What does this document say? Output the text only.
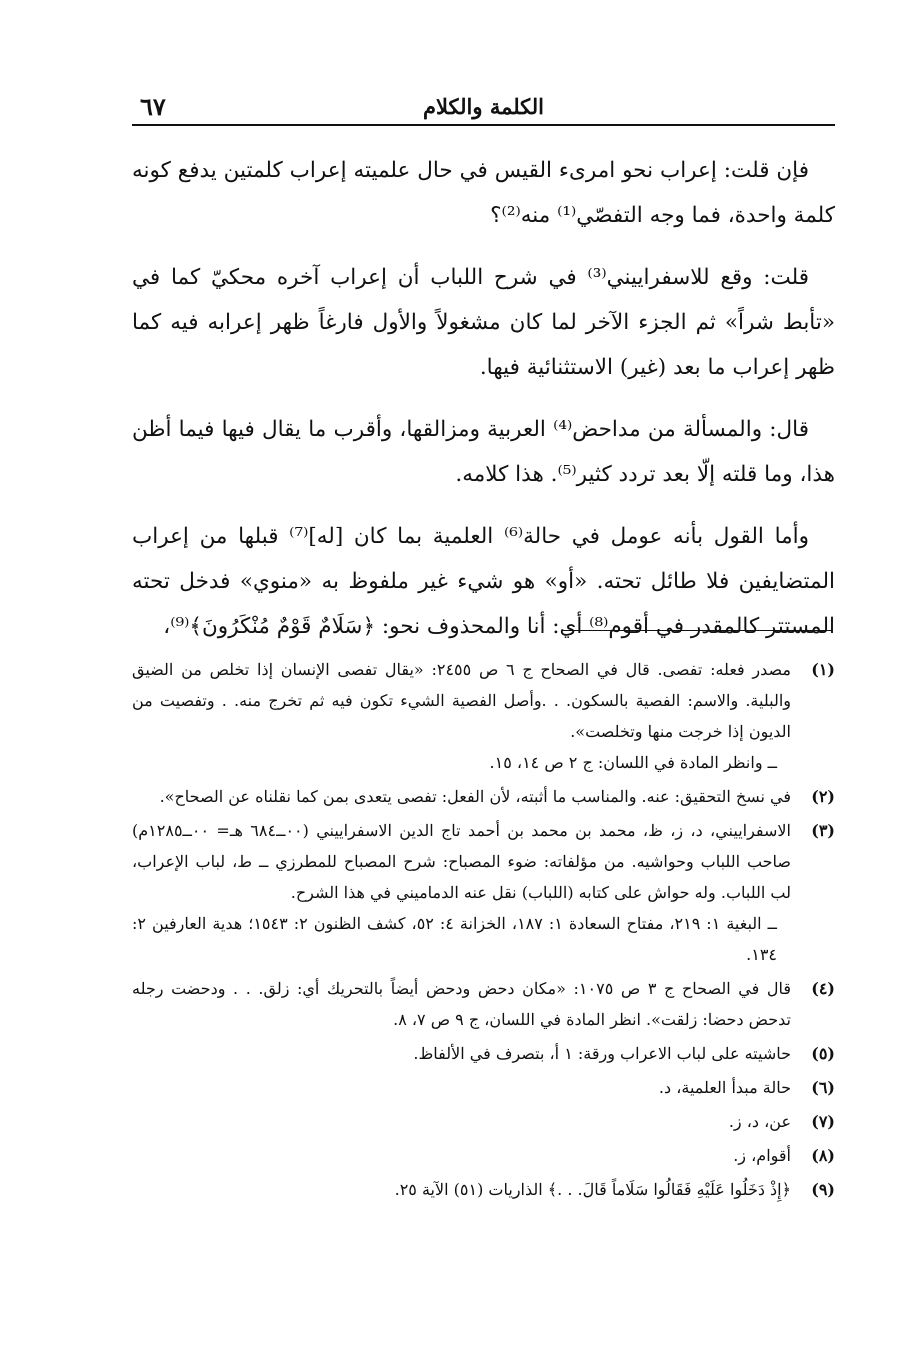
الكلمة والكلام
٦٧

فإن قلت: إعراب نحو امرىء القيس في حال علميته إعراب كلمتين يدفع كونه كلمة واحدة، فما وجه التفصّي⁽¹⁾ منه⁽²⁾؟

قلت: وقع للاسفراييني⁽³⁾ في شرح اللباب أن إعراب آخره محكيّ كما في «تأبط شراً» ثم الجزء الآخر لما كان مشغولاً والأول فارغاً ظهر إعرابه فيه كما ظهر إعراب ما بعد (غير) الاستثنائية فيها.

قال: والمسألة من مداحض⁽⁴⁾ العربية ومزالقها، وأقرب ما يقال فيها فيما أظن هذا، وما قلته إلّا بعد تردد كثير⁽⁵⁾. هذا كلامه.

وأما القول بأنه عومل في حالة⁽⁶⁾ العلمية بما كان [له]⁽⁷⁾ قبلها من إعراب المتضايفين فلا طائل تحته. «أو» هو شيء غير ملفوظ به «منوي» فدخل تحته المستتر كالمقدر في أقوم⁽⁸⁾ أي: أنا والمحذوف نحو: ﴿سَلَامٌ قَوْمٌ مُنْكَرُونَ﴾⁽⁹⁾،

(١)
مصدر فعله: تفصى. قال في الصحاح ج ٦ ص ٢٤٥٥: «يقال تفصى الإنسان إذا تخلص من الضيق والبلية. والاسم: الفصية بالسكون. . .وأصل الفصية الشيء تكون فيه ثم تخرج منه. . وتفصيت من الديون إذا خرجت منها وتخلصت».
ــ وانظر المادة في اللسان: ج ٢ ص ١٤، ١٥.
(٢)
في نسخ التحقيق: عنه. والمناسب ما أثبته، لأن الفعل: تفصى يتعدى بمن كما نقلناه عن الصحاح».
(٣)
الاسفراييني، د، ز، ظ، محمد بن محمد بن أحمد تاج الدين الاسفراييني (٠٠ــ٦٨٤ هـ= ٠٠ــ١٢٨٥م) صاحب اللباب وحواشيه. من مؤلفاته: ضوء المصباح: شرح المصباح للمطرزي ــ ط، لباب الإعراب، لب اللباب. وله حواش على كتابه (اللباب) نقل عنه الدماميني في هذا الشرح.
ــ البغية ١: ٢١٩، مفتاح السعادة ١: ١٨٧، الخزانة ٤: ٥٢، كشف الظنون ٢: ١٥٤٣؛ هدية العارفين ٢: ١٣٤.
(٤)
قال في الصحاح ج ٣ ص ١٠٧٥: «مكان دحض ودحض أيضاً بالتحريك أي: زلق. . . ودحضت رجله تدحض دحضا: زلقت». انظر المادة في اللسان، ج ٩ ص ٧، ٨.
(٥)
حاشيته على لباب الاعراب ورقة: ١ أ، بتصرف في الألفاظ.
(٦)
حالة مبدأ العلمية، د.
(٧)
عن، د، ز.
(٨)
أقوام، ز.
(٩)
﴿إِذْ دَخَلُوا عَلَيْهِ فَقَالُوا سَلَاماً قَالَ. . .﴾ الذاريات (٥١) الآية ٢٥.
